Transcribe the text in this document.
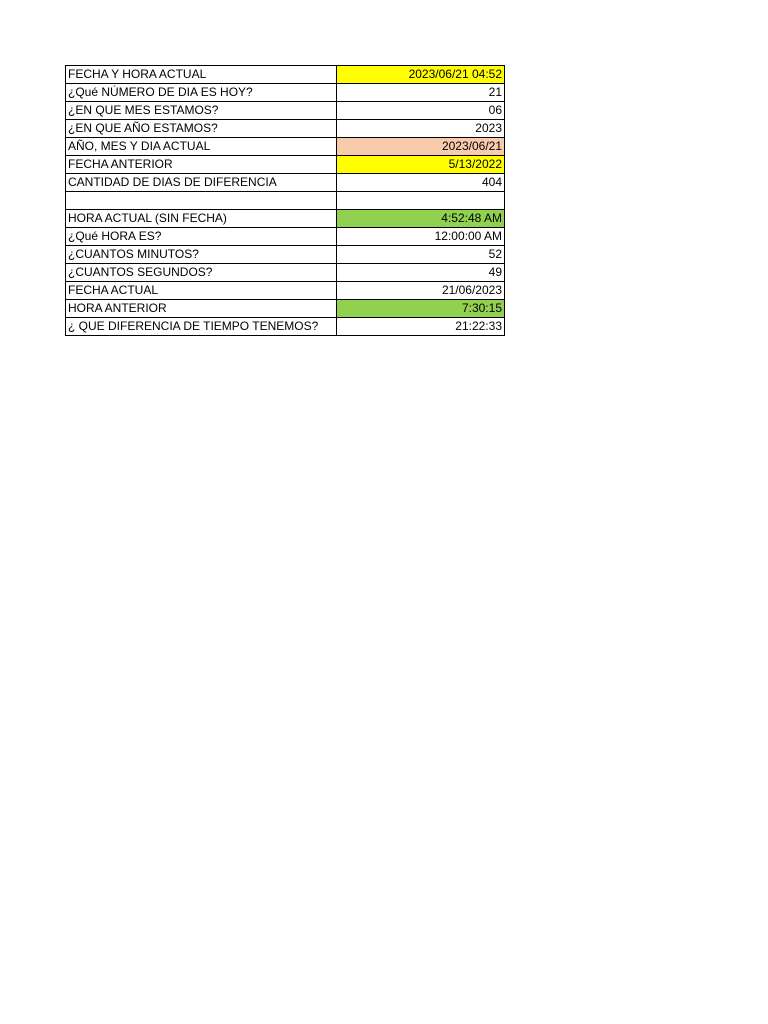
FECHA Y HORA ACTUAL	2023/06/21 04:52
¿Qué NÚMERO DE DIA ES HOY?	21
¿EN QUE MES ESTAMOS?	06
¿EN QUE AÑO ESTAMOS?	2023
AÑO, MES Y DIA ACTUAL	2023/06/21
FECHA ANTERIOR	5/13/2022
CANTIDAD DE DIAS DE DIFERENCIA	404

HORA ACTUAL (SIN FECHA)	4:52:48 AM
¿Qué HORA ES?	12:00:00 AM
¿CUANTOS MINUTOS?	52
¿CUANTOS SEGUNDOS?	49
FECHA ACTUAL	21/06/2023
HORA ANTERIOR	7:30:15
¿ QUE DIFERENCIA DE TIEMPO TENEMOS?	21:22:33
